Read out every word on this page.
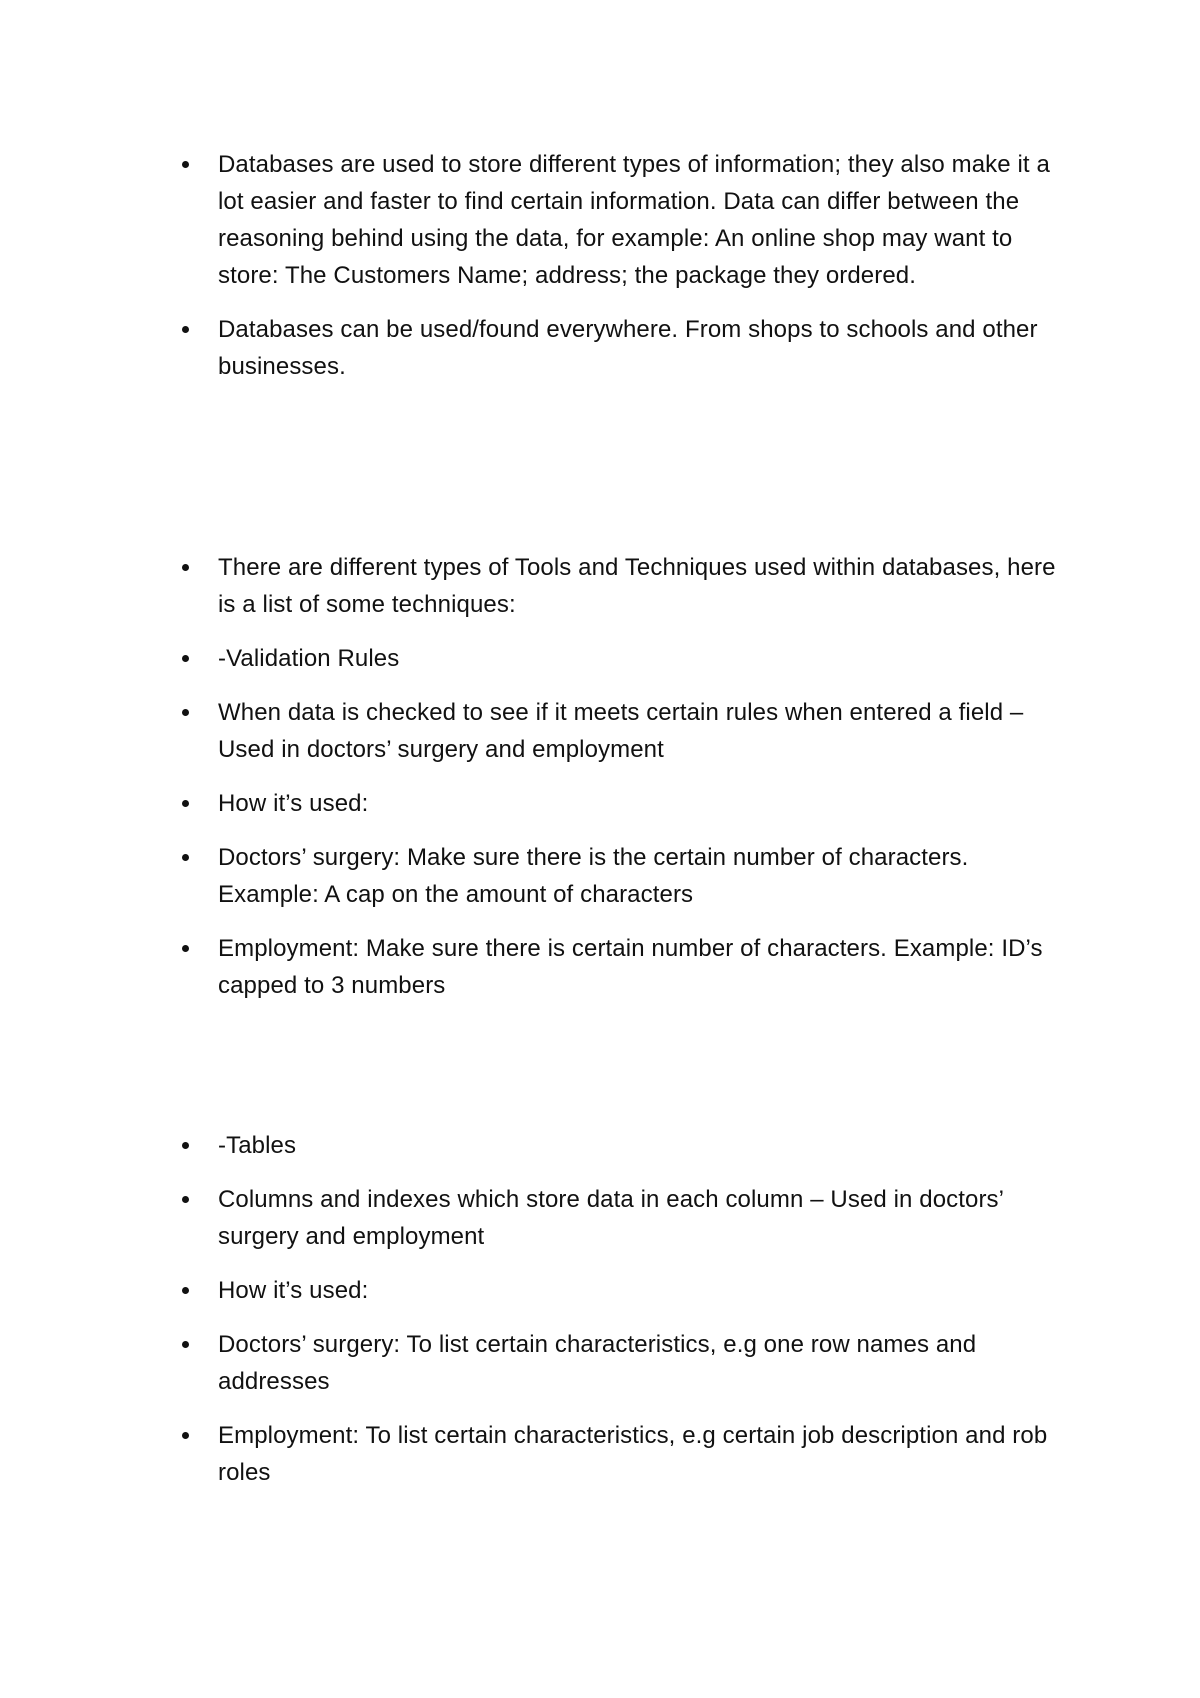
Databases are used to store different types of information; they also make it a lot easier and faster to find certain information. Data can differ between the reasoning behind using the data, for example: An online shop may want to store: The Customers Name; address; the package they ordered.
Databases can be used/found everywhere. From shops to schools and other businesses.
There are different types of Tools and Techniques used within databases, here is a list of some techniques:
-Validation Rules
When data is checked to see if it meets certain rules when entered a field – Used in doctors’ surgery and employment
How it’s used:
Doctors’ surgery: Make sure there is the certain number of characters. Example: A cap on the amount of characters
Employment: Make sure there is certain number of characters. Example: ID’s capped to 3 numbers
-Tables
Columns and indexes which store data in each column – Used in doctors’ surgery and employment
How it’s used:
Doctors’ surgery: To list certain characteristics, e.g one row names and addresses
Employment: To list certain characteristics, e.g certain job description and rob roles
